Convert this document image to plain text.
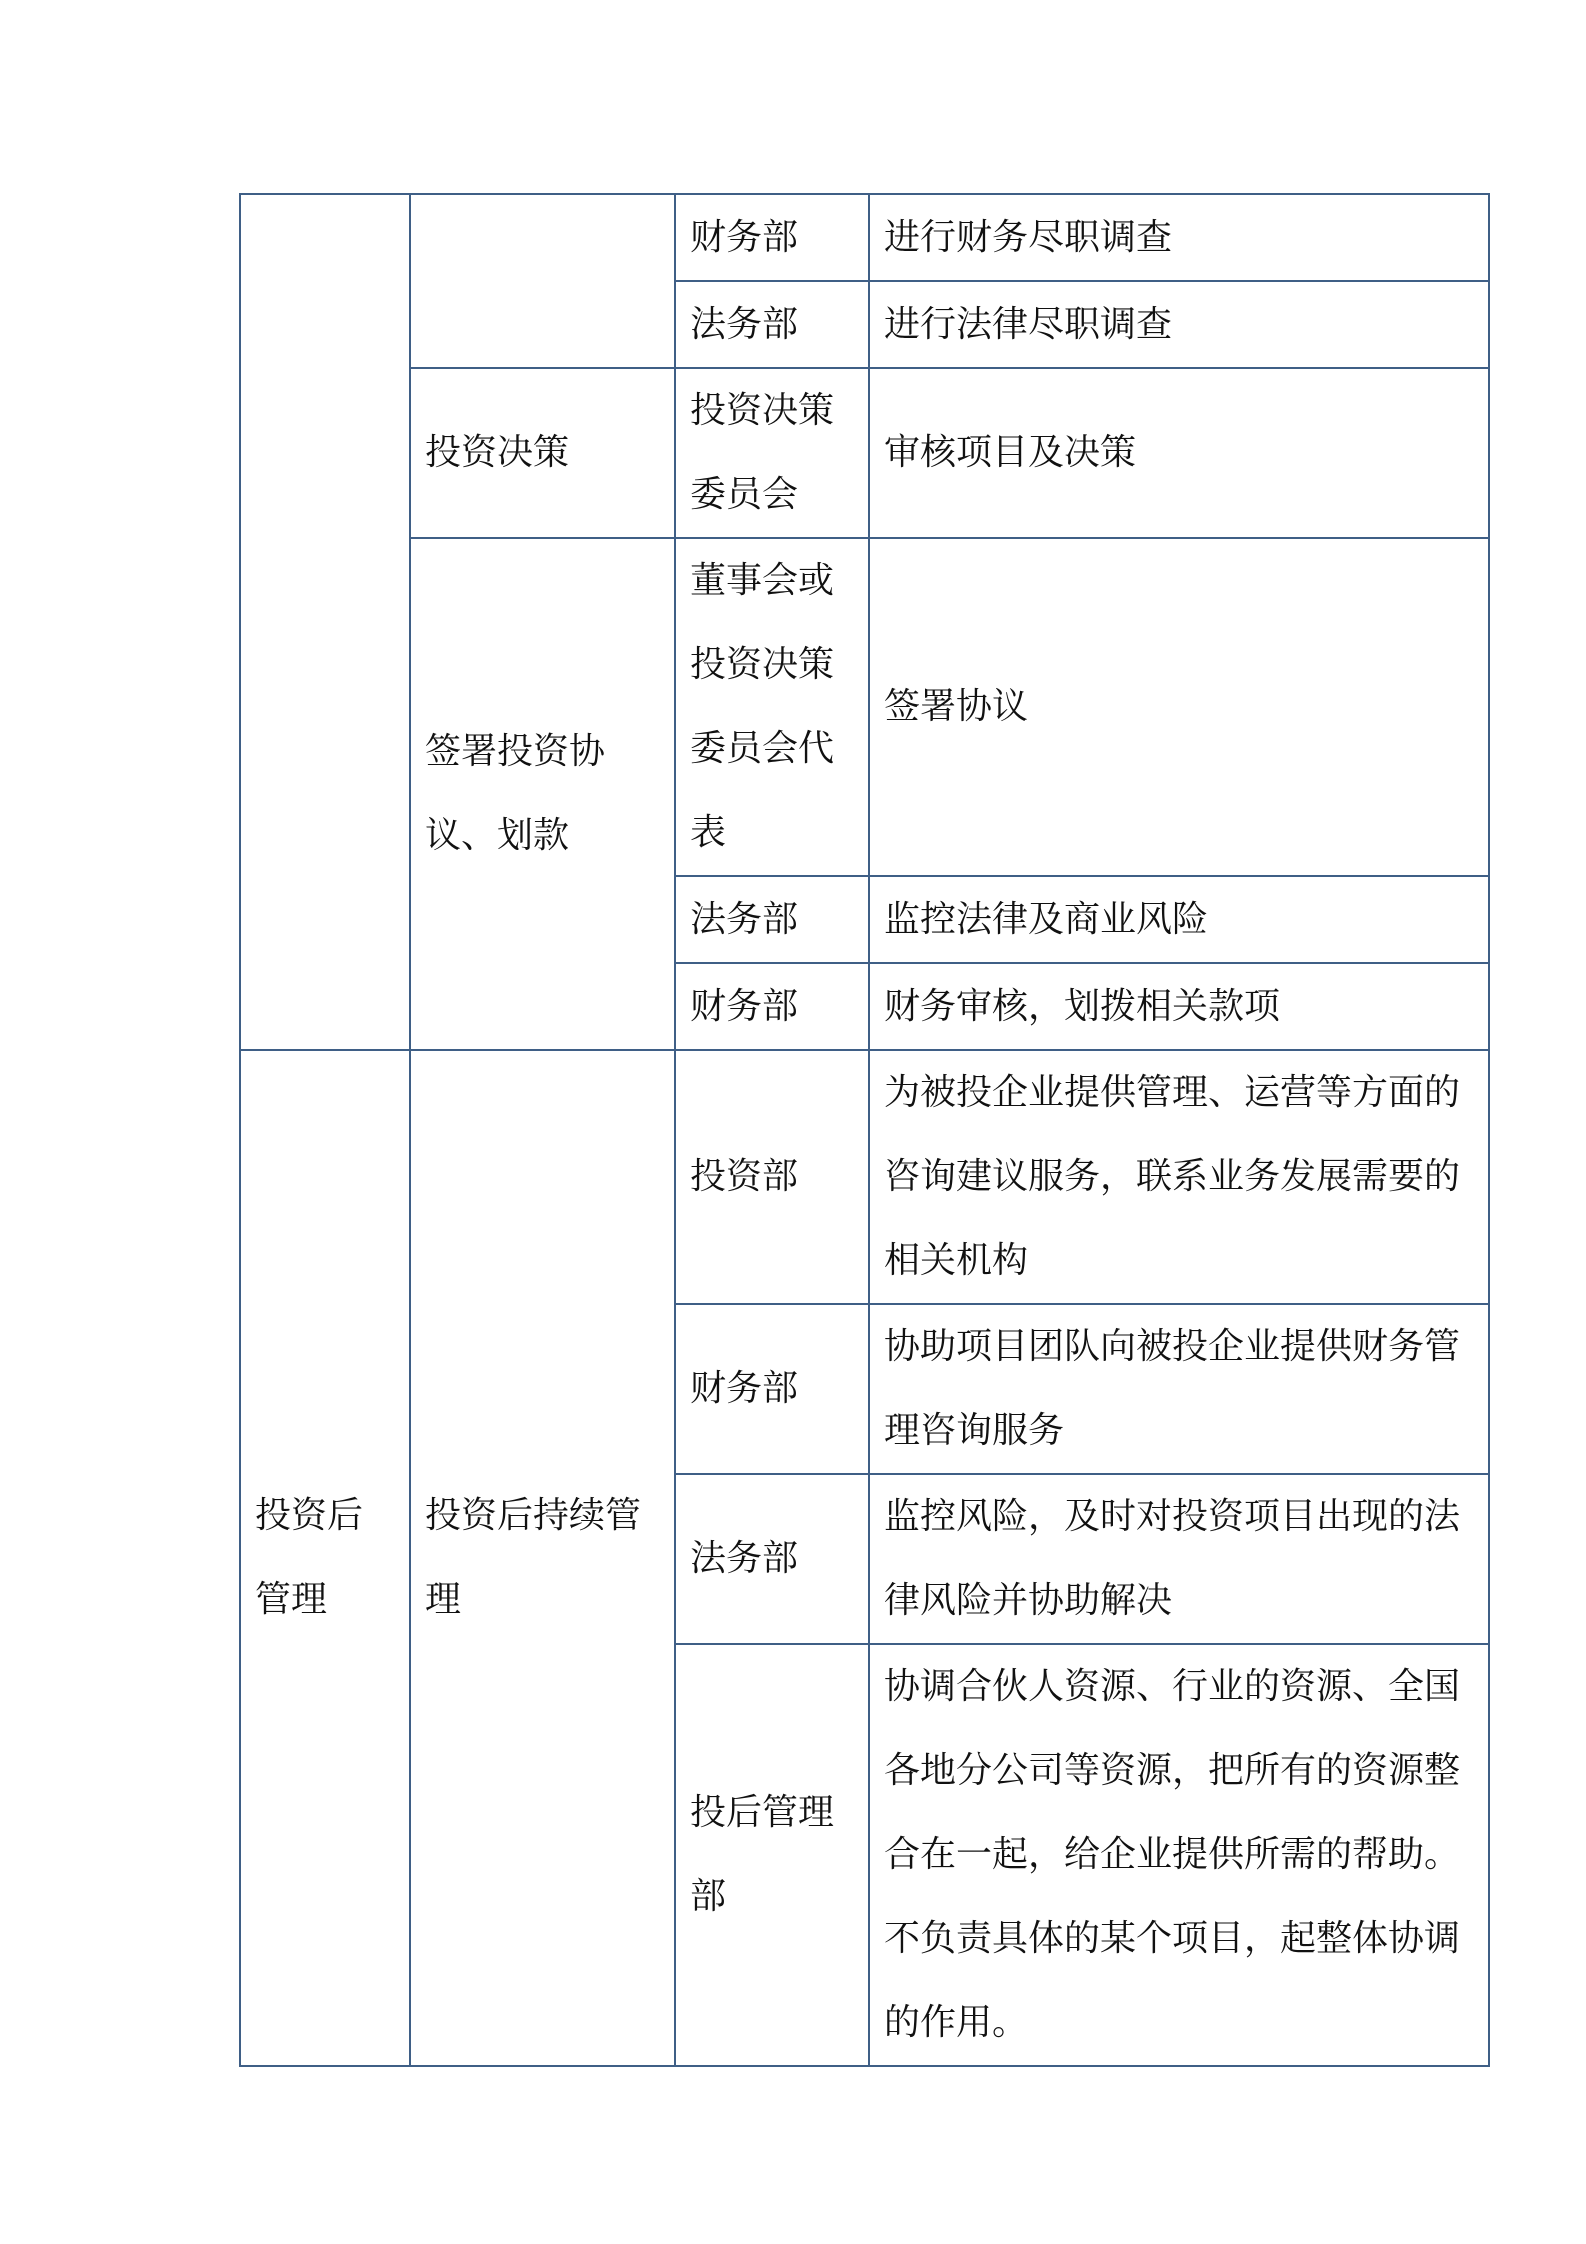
		财务部	进行财务尽职调查
		法务部	进行法律尽职调查
	投资决策	投资决策委员会	审核项目及决策
	签署投资协议、划款	董事会或投资决策委员会代表	签署协议
		法务部	监控法律及商业风险
		财务部	财务审核，划拨相关款项
投资后管理	投资后持续管理	投资部	为被投企业提供管理、运营等方面的咨询建议服务，联系业务发展需要的相关机构
		财务部	协助项目团队向被投企业提供财务管理咨询服务
		法务部	监控风险，及时对投资项目出现的法律风险并协助解决
		投后管理部	协调合伙人资源、行业的资源、全国各地分公司等资源，把所有的资源整合在一起，给企业提供所需的帮助。不负责具体的某个项目，起整体协调的作用。
